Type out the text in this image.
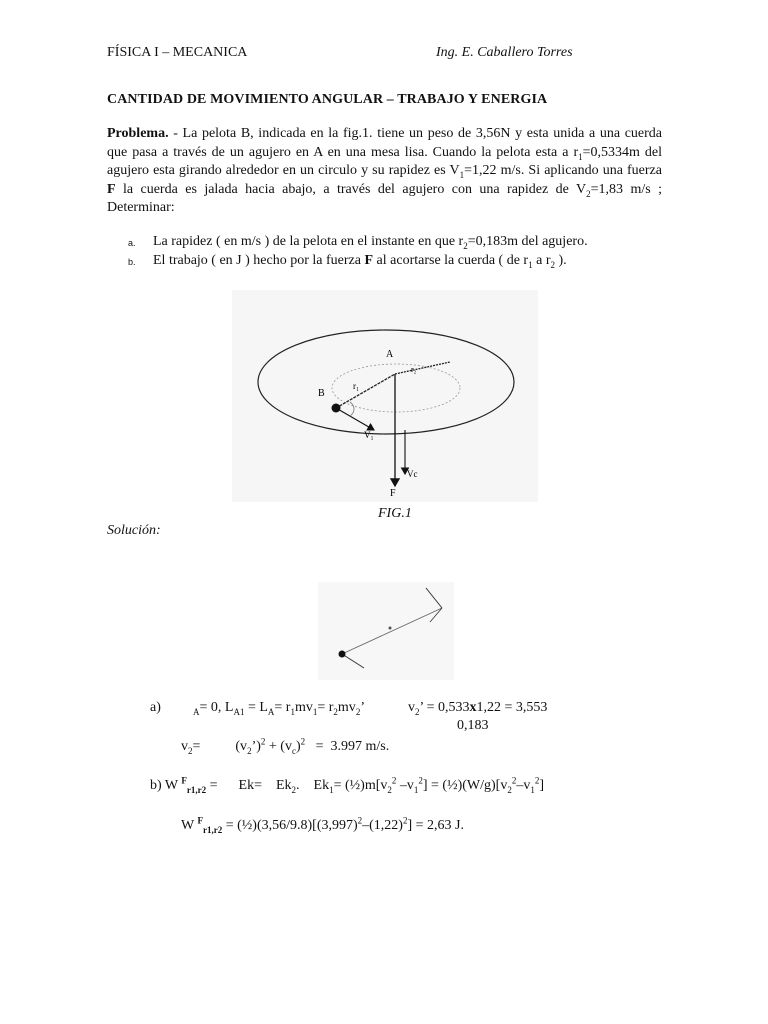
FÍSICA I – MECANICA	Ing. E. Caballero Torres
CANTIDAD DE MOVIMIENTO ANGULAR – TRABAJO Y ENERGIA
Problema. - La pelota B, indicada en la fig.1. tiene un peso de 3,56N y esta unida a una cuerda que pasa a través de un agujero en A en una mesa lisa. Cuando la pelota esta a $r_1=0,5334m$ del agujero esta girando alrededor en un circulo y su rapidez es $V_1=1,22$ m/s. Si aplicando una fuerza F la cuerda es jalada hacia abajo, a través del agujero con una rapidez de $V_2=1,83$ m/s ; Determinar:
a. La rapidez ( en m/s ) de la pelota en el instante en que $r_2=0,183m$ del agujero.
b. El trabajo ( en J ) hecho por la fuerza F al acortarse la cuerda ( de $r_1$ a $r_2$ ).
A
B
r₁
r₂
V₁
Vc
F
FIG.1
Solución:
a)	$_A$= 0, $L_{A1} = L_A= r_1mv_1= r_2mv_2$’	$v_2$’ = 0,533x1,22 = 3,553
0,183
$v_2=$          $(v_2’)^2 + (v_c)^2 = 3.997$ m/s.
b) W $^F_{r1,r2}$ =      Ek=    $Ek_2$.    $Ek_1=$ $(\frac{1}{2})m[v_2^2$ $-v_1^2$] = $(\frac{1}{2})(W/g)[v_2^2-v_1^2]$
W $^F_{r1,r2} = (\frac{1}{2})(3,56/9.8)[(3,997)^2-(1,22)^2] = 2,63$ J.
